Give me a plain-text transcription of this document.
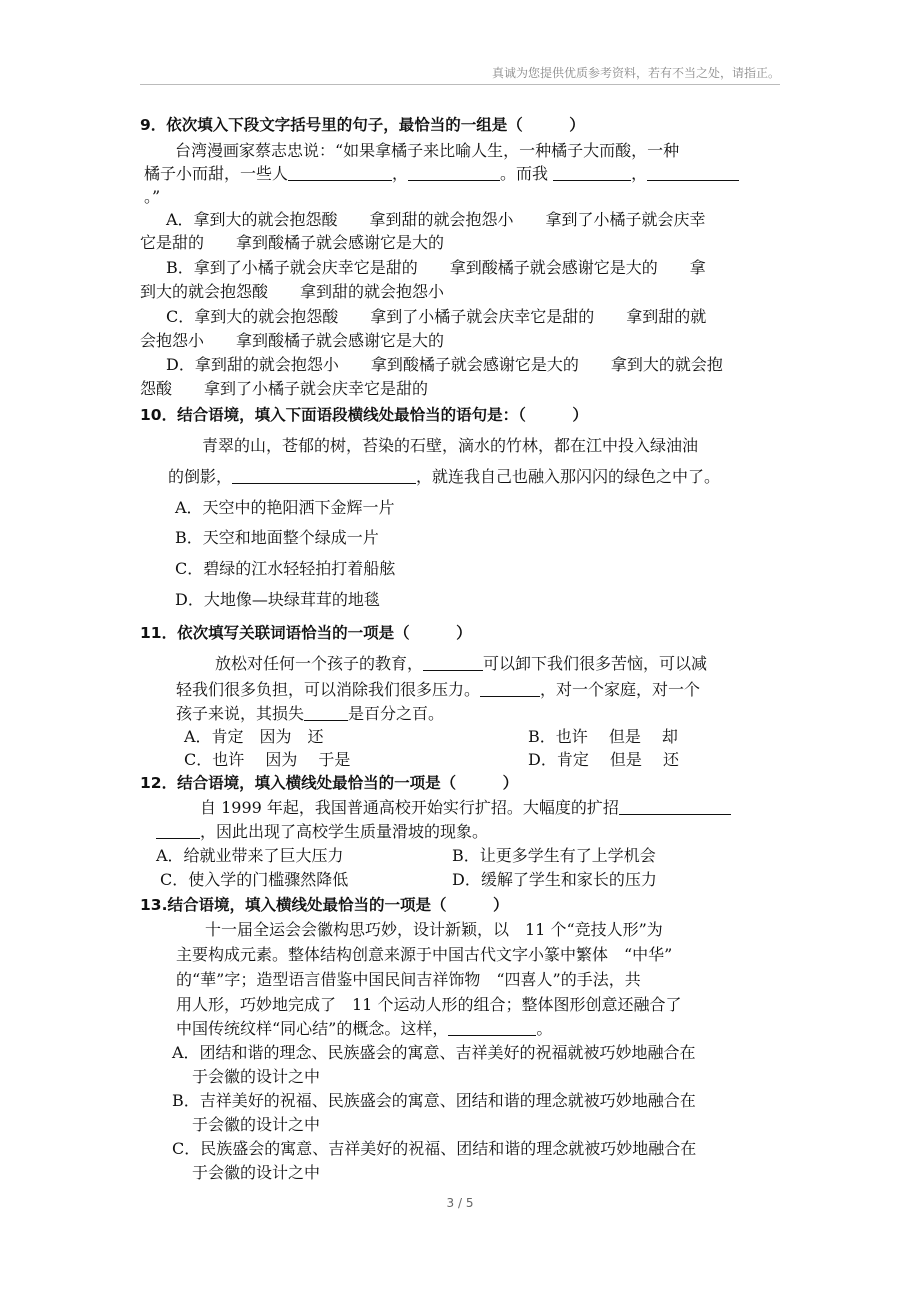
真诚为您提供优质参考资料，若有不当之处，请指正。
9．依次填入下段文字括号里的句子，最恰当的一组是（　　　）
台湾漫画家蔡志忠说：“如果拿橘子来比喻人生，一种橘子大而酸，一种
橘子小而甜，一些人	，	。而我	，
。”
A．拿到大的就会抱怨酸　　拿到甜的就会抱怨小　　拿到了小橘子就会庆幸
它是甜的　　拿到酸橘子就会感谢它是大的
B．拿到了小橘子就会庆幸它是甜的　　拿到酸橘子就会感谢它是大的　　拿
到大的就会抱怨酸　　拿到甜的就会抱怨小
C．拿到大的就会抱怨酸　　拿到了小橘子就会庆幸它是甜的　　拿到甜的就
会抱怨小　　拿到酸橘子就会感谢它是大的
D．拿到甜的就会抱怨小　　拿到酸橘子就会感谢它是大的　　拿到大的就会抱
怨酸　　拿到了小橘子就会庆幸它是甜的
10．结合语境，填入下面语段横线处最恰当的语句是：（　　　）
青翠的山，苍郁的树，苔染的石壁，滴水的竹林，都在江中投入绿油油
的倒影，	，就连我自己也融入那闪闪的绿色之中了。
A．天空中的艳阳洒下金辉一片
B．天空和地面整个绿成一片
C．碧绿的江水轻轻拍打着船舷
D．大地像—块绿茸茸的地毯
11．依次填写关联词语恰当的一项是（　　　）
放松对任何一个孩子的教育，	可以卸下我们很多苦恼，可以减
轻我们很多负担，可以消除我们很多压力。	，对一个家庭，对一个
孩子来说，其损失	是百分之百。
A．肯定　因为　还	B．也许　 但是　 却
C．也许　 因为　 于是	D．肯定　 但是　 还
12．结合语境，填入横线处最恰当的一项是（　　　）
自 1999 年起，我国普通高校开始实行扩招。大幅度的扩招
，因此出现了高校学生质量滑坡的现象。
A．给就业带来了巨大压力	B．让更多学生有了上学机会
C．使入学的门槛骤然降低	D．缓解了学生和家长的压力
13.结合语境，填入横线处最恰当的一项是（　　　）
十一届全运会会徽构思巧妙，设计新颖，以　11 个“竞技人形”为
主要构成元素。整体结构创意来源于中国古代文字小篆中繁体　“中华”
的“華”字；造型语言借鉴中国民间吉祥饰物　“四喜人”的手法，共
用人形，巧妙地完成了　11 个运动人形的组合；整体图形创意还融合了
中国传统纹样“同心结”的概念。这样，	。
A．团结和谐的理念、民族盛会的寓意、吉祥美好的祝福就被巧妙地融合在
于会徽的设计之中
B．吉祥美好的祝福、民族盛会的寓意、团结和谐的理念就被巧妙地融合在
于会徽的设计之中
C．民族盛会的寓意、吉祥美好的祝福、团结和谐的理念就被巧妙地融合在
于会徽的设计之中
3 / 5
